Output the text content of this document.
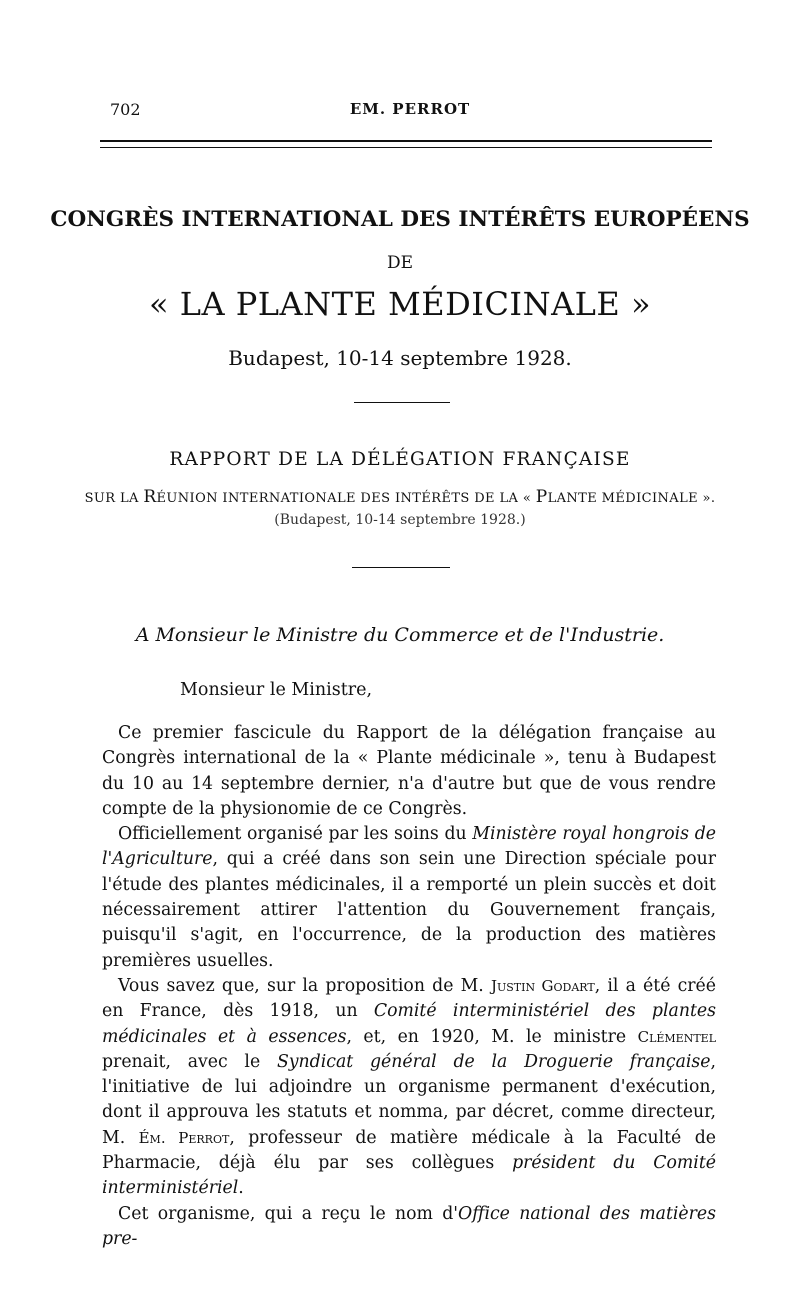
702	EM. PERROT
CONGRÈS INTERNATIONAL DES INTÉRÊTS EUROPÉENS
DE
« LA PLANTE MÉDICINALE »
Budapest, 10-14 septembre 1928.
RAPPORT DE LA DÉLÉGATION FRANÇAISE
SUR LA RÉUNION INTERNATIONALE DES INTÉRÊTS DE LA « PLANTE MÉDICINALE ».
(Budapest, 10-14 septembre 1928.)
A Monsieur le Ministre du Commerce et de l'Industrie.
Monsieur le Ministre,

Ce premier fascicule du Rapport de la délégation française au Congrès international de la « Plante médicinale », tenu à Budapest du 10 au 14 septembre dernier, n'a d'autre but que de vous rendre compte de la physionomie de ce Congrès.

Officiellement organisé par les soins du Ministère royal hongrois de l'Agriculture, qui a créé dans son sein une Direction spéciale pour l'étude des plantes médicinales, il a remporté un plein succès et doit nécessairement attirer l'attention du Gouvernement français, puisqu'il s'agit, en l'occurrence, de la production des matières premières usuelles.

Vous savez que, sur la proposition de M. Justin Godart, il a été créé en France, dès 1918, un Comité interministériel des plantes médicinales et à essences, et, en 1920, M. le ministre Clémentel prenait, avec le Syndicat général de la Droguerie française, l'initiative de lui adjoindre un organisme permanent d'exécution, dont il approuva les statuts et nomma, par décret, comme directeur, M. Ém. Perrot, professeur de matière médicale à la Faculté de Pharmacie, déjà élu par ses collègues président du Comité interministériel.

Cet organisme, qui a reçu le nom d'Office national des matières pre-
